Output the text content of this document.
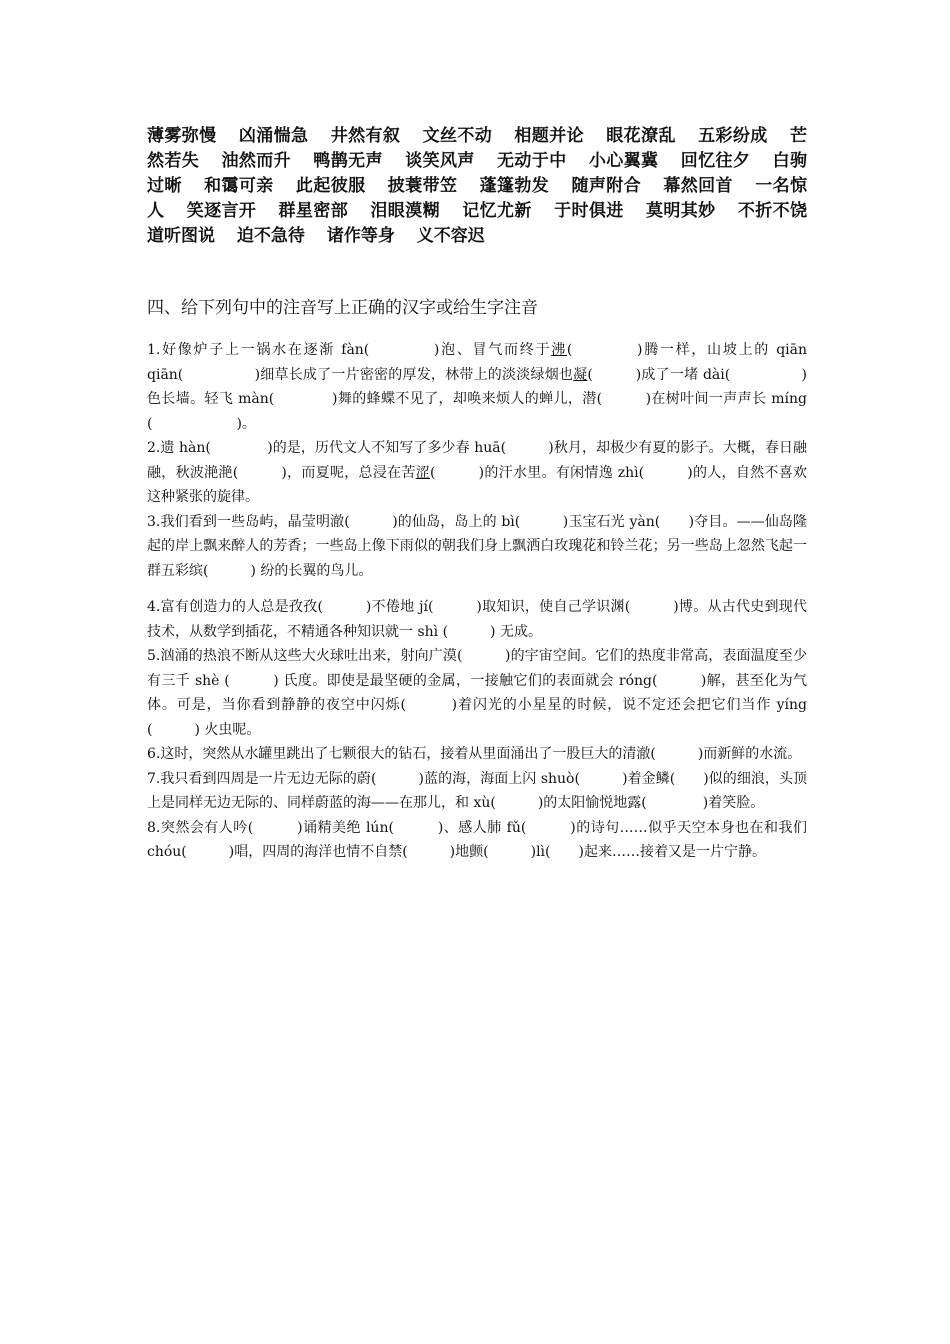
薄雾弥慢 凶涌惴急 井然有叙 文丝不动 相题并论 眼花潦乱 五彩纷成 芒然若失 油然而升 鸭鹊无声 谈笑风声 无动于中 小心翼冀 回忆往夕 白驹过晰 和霭可亲 此起彼服 披蓑带笠 蓬篷勃发 随声附合 幕然回首 一名惊人 笑逐言开 群星密部 泪眼漠糊 记忆尤新 于时俱进 莫明其妙 不折不饶 道听图说 迫不急待 诸作等身 义不容迟
四、给下列句中的注音写上正确的汉字或给生字注音

1.好像炉子上一锅水在逐渐 fàn(　　　　)泡、冒气而终于沸(　　　　)腾一样，山坡上的 qiān qiān(　　　　　)细草长成了一片密密的厚发，林带上的淡淡绿烟也凝(　　　)成了一堵 dài(　　　　　)色长墙。轻飞 màn(　　　　)舞的蜂蝶不见了，却唤来烦人的蝉儿，潜(　　　)在树叶间一声声长 míng (　　　　　　)。

2.遗 hàn(　　　　)的是，历代文人不知写了多少春 huā(　　　)秋月，却极少有夏的影子。大概，春日融融，秋波滟滟(　　　)，而夏呢，总浸在苦涩(　　　)的汗水里。有闲情逸 zhì(　　　)的人，自然不喜欢这种紧张的旋律。

3.我们看到一些岛屿，晶莹明澈(　　　)的仙岛，岛上的 bì(　　　)玉宝石光 yàn(　　)夺目。——仙岛隆起的岸上飘来醉人的芳香；一些岛上像下雨似的朝我们身上飘洒白玫瑰花和铃兰花；另一些岛上忽然飞起一群五彩缤(　　　) 纷的长翼的鸟儿。

4.富有创造力的人总是孜孜(　　　)不倦地 jí(　　　)取知识，使自己学识渊(　　　)博。从古代史到现代技术，从数学到插花，不精通各种知识就一 shì (　　　) 无成。

5.汹涌的热浪不断从这些大火球吐出来，射向广漠(　　　)的宇宙空间。它们的热度非常高，表面温度至少有三千 shè (　　　) 氏度。即使是最坚硬的金属，一接触它们的表面就会 róng(　　　)解，甚至化为气体。可是，当你看到静静的夜空中闪烁(　　　)着闪光的小星星的时候，说不定还会把它们当作 yíng (　　　) 火虫呢。

6.这时，突然从水罐里跳出了七颗很大的钻石，接着从里面涌出了一股巨大的清澈(　　　)而新鲜的水流。

7.我只看到四周是一片无边无际的蔚(　　　)蓝的海，海面上闪 shuò(　　　)着金鳞(　　)似的细浪，头顶上是同样无边无际的、同样蔚蓝的海——在那儿，和 xù(　　　)的太阳愉悦地露(　　　　)着笑脸。

8.突然会有人吟(　　　)诵精美绝 lún(　　　)、感人肺 fǔ(　　　)的诗句……似乎天空本身也在和我们 chóu(　　　)唱，四周的海洋也情不自禁(　　　)地颤(　　　)lì(　　)起来……接着又是一片宁静。
